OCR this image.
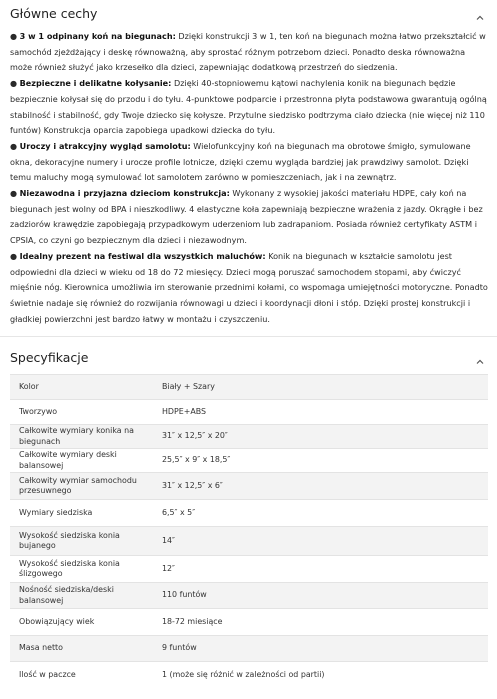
Główne cechy

● 3 w 1 odpinany koń na biegunach: Dzięki konstrukcji 3 w 1, ten koń na biegunach można łatwo przekształcić w samochód zjeżdżający i deskę równoważną, aby sprostać różnym potrzebom dzieci. Ponadto deska równoważna może również służyć jako krzesełko dla dzieci, zapewniając dodatkową przestrzeń do siedzenia.

● Bezpieczne i delikatne kołysanie: Dzięki 40-stopniowemu kątowi nachylenia konik na biegunach będzie bezpiecznie kołysał się do przodu i do tyłu. 4-punktowe podparcie i przestronna płyta podstawowa gwarantują ogólną stabilność i stabilność, gdy Twoje dziecko się kołysze. Przytulne siedzisko podtrzyma ciało dziecka (nie więcej niż 110 funtów) Konstrukcja oparcia zapobiega upadkowi dziecka do tyłu.

● Uroczy i atrakcyjny wygląd samolotu: Wielofunkcyjny koń na biegunach ma obrotowe śmigło, symulowane okna, dekoracyjne numery i urocze profile lotnicze, dzięki czemu wygląda bardziej jak prawdziwy samolot. Dzięki temu maluchy mogą symulować lot samolotem zarówno w pomieszczeniach, jak i na zewnątrz.

● Niezawodna i przyjazna dzieciom konstrukcja: Wykonany z wysokiej jakości materiału HDPE, cały koń na biegunach jest wolny od BPA i nieszkodliwy. 4 elastyczne koła zapewniają bezpieczne wrażenia z jazdy. Okrągłe i bez zadziorów krawędzie zapobiegają przypadkowym uderzeniom lub zadrapaniom. Posiada również certyfikaty ASTM i CPSIA, co czyni go bezpiecznym dla dzieci i niezawodnym.

● Idealny prezent na festiwal dla wszystkich maluchów: Konik na biegunach w kształcie samolotu jest odpowiedni dla dzieci w wieku od 18 do 72 miesięcy. Dzieci mogą poruszać samochodem stopami, aby ćwiczyć mięśnie nóg. Kierownica umożliwia irn sterowanie przednimi kołami, co wspomaga umiejętności motoryczne. Ponadto świetnie nadaje się również do rozwijania równowagi u dzieci i koordynacji dłoni i stóp. Dzięki prostej konstrukcji i gładkiej powierzchni jest bardzo łatwy w montażu i czyszczeniu.

Specyfikacje
Kolor	Biały + Szary
Tworzywo	HDPE+ABS
Całkowite wymiary konika na biegunach	31″ x 12,5″ x 20″
Całkowite wymiary deski balansowej	25,5″ x 9″ x 18,5″
Całkowity wymiar samochodu przesuwnego	31″ x 12,5″ x 6″
Wymiary siedziska	6,5″ x 5″
Wysokość siedziska konia bujanego	14″
Wysokość siedziska konia ślizgowego	12″
Nośność siedziska/deski balansowej	110 funtów
Obowiązujący wiek	18-72 miesiące
Masa netto	9 funtów
Ilość w paczce	1 (może się różnić w zależności od partii)
